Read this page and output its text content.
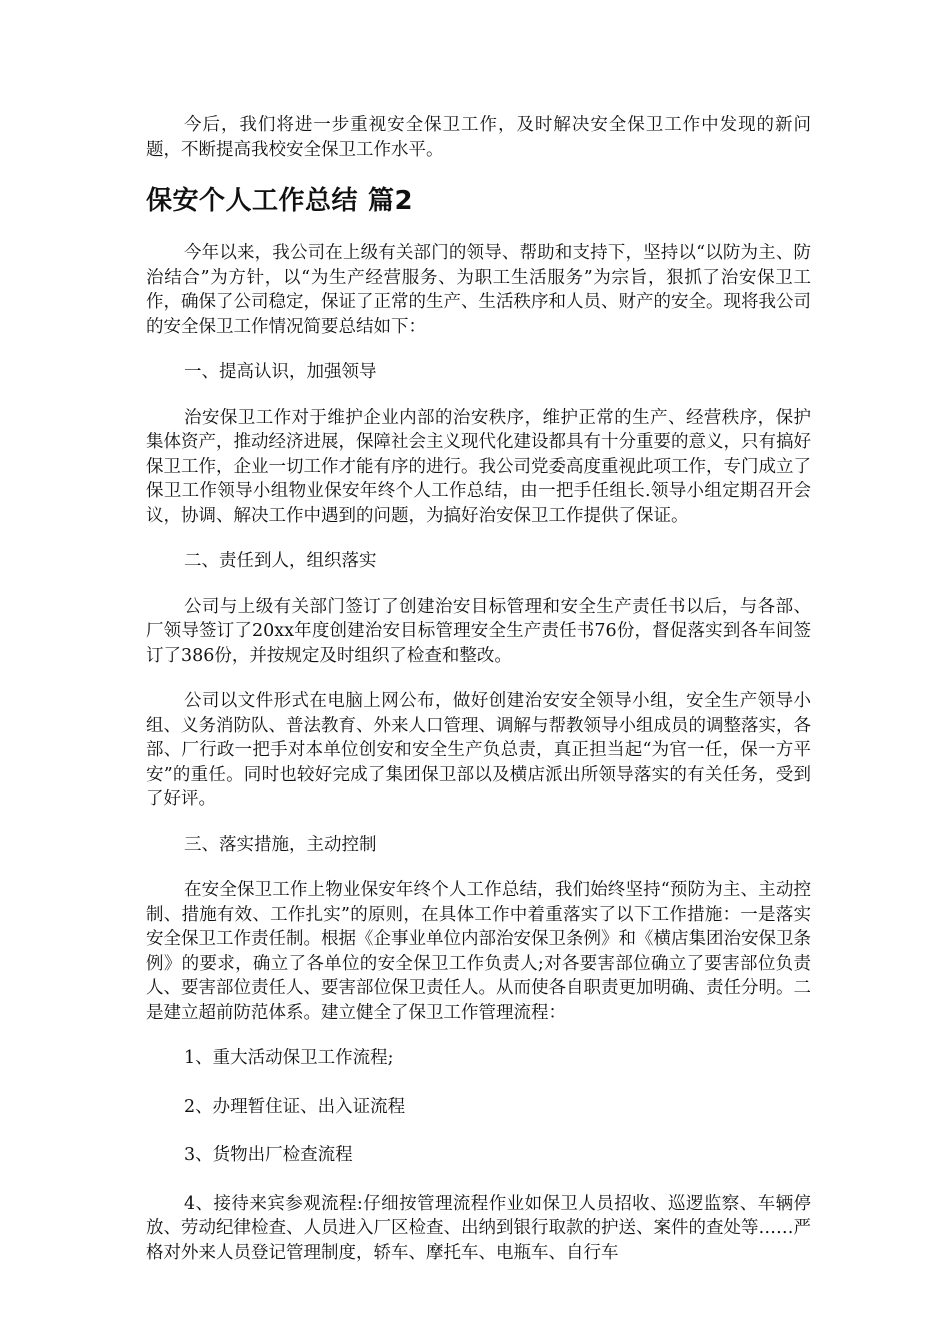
今后，我们将进一步重视安全保卫工作，及时解决安全保卫工作中发现的新问题，不断提高我校安全保卫工作水平。

保安个人工作总结 篇2

今年以来，我公司在上级有关部门的领导、帮助和支持下，坚持以“以防为主、防治结合”为方针，以“为生产经营服务、为职工生活服务”为宗旨，狠抓了治安保卫工作，确保了公司稳定，保证了正常的生产、生活秩序和人员、财产的安全。现将我公司的安全保卫工作情况简要总结如下：

一、提高认识，加强领导

治安保卫工作对于维护企业内部的治安秩序，维护正常的生产、经营秩序，保护集体资产，推动经济进展，保障社会主义现代化建设都具有十分重要的意义，只有搞好保卫工作，企业一切工作才能有序的进行。我公司党委高度重视此项工作，专门成立了保卫工作领导小组物业保安年终个人工作总结，由一把手任组长.领导小组定期召开会议，协调、解决工作中遇到的问题，为搞好治安保卫工作提供了保证。

二、责任到人，组织落实

公司与上级有关部门签订了创建治安目标管理和安全生产责任书以后，与各部、厂领导签订了20xx年度创建治安目标管理安全生产责任书76份，督促落实到各车间签订了386份，并按规定及时组织了检查和整改。

公司以文件形式在电脑上网公布，做好创建治安安全领导小组，安全生产领导小组、义务消防队、普法教育、外来人口管理、调解与帮教领导小组成员的调整落实，各部、厂行政一把手对本单位创安和安全生产负总责，真正担当起“为官一任，保一方平安”的重任。同时也较好完成了集团保卫部以及横店派出所领导落实的有关任务，受到了好评。

三、落实措施，主动控制

在安全保卫工作上物业保安年终个人工作总结，我们始终坚持“预防为主、主动控制、措施有效、工作扎实”的原则，在具体工作中着重落实了以下工作措施：一是落实安全保卫工作责任制。根据《企事业单位内部治安保卫条例》和《横店集团治安保卫条例》的要求，确立了各单位的安全保卫工作负责人;对各要害部位确立了要害部位负责人、要害部位责任人、要害部位保卫责任人。从而使各自职责更加明确、责任分明。二是建立超前防范体系。建立健全了保卫工作管理流程：

1、重大活动保卫工作流程;

2、办理暂住证、出入证流程

3、货物出厂检查流程

4、接待来宾参观流程:仔细按管理流程作业如保卫人员招收、巡逻监察、车辆停放、劳动纪律检查、人员进入厂区检查、出纳到银行取款的护送、案件的查处等……严格对外来人员登记管理制度，轿车、摩托车、电瓶车、自行车
